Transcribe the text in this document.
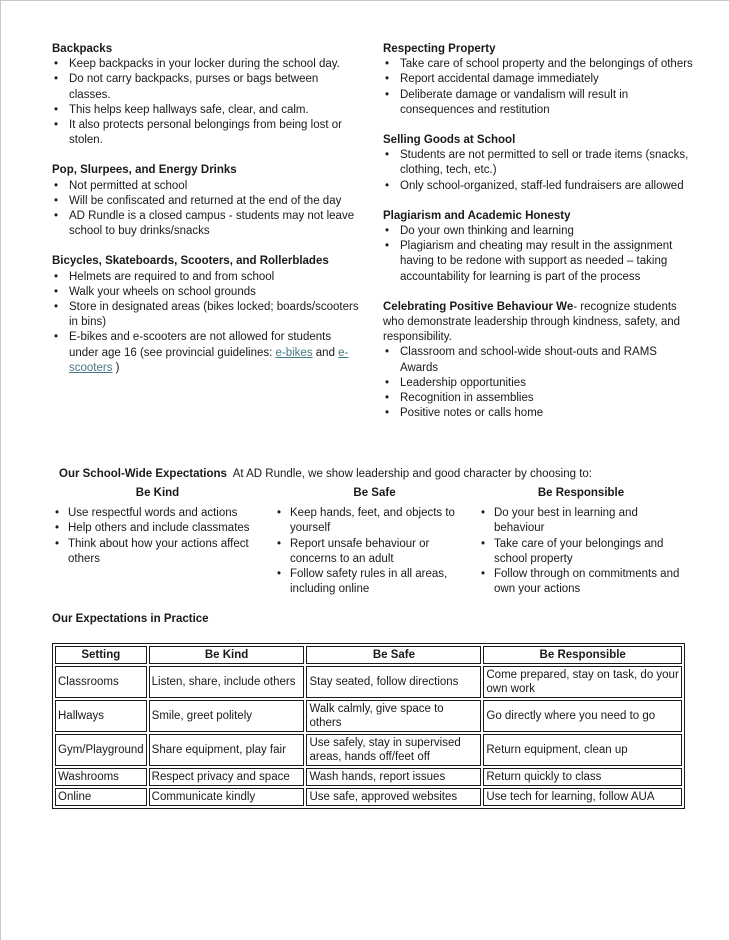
Backpacks
• Keep backpacks in your locker during the school day.
• Do not carry backpacks, purses or bags between classes.
• This helps keep hallways safe, clear, and calm.
• It also protects personal belongings from being lost or stolen.
Pop, Slurpees, and Energy Drinks
• Not permitted at school
• Will be confiscated and returned at the end of the day
• AD Rundle is a closed campus - students may not leave school to buy drinks/snacks
Bicycles, Skateboards, Scooters, and Rollerblades
• Helmets are required to and from school
• Walk your wheels on school grounds
• Store in designated areas (bikes locked; boards/scooters in bins)
• E-bikes and e-scooters are not allowed for students under age 16 (see provincial guidelines: e-bikes and e-scooters )
Respecting Property
• Take care of school property and the belongings of others
• Report accidental damage immediately
• Deliberate damage or vandalism will result in consequences and restitution
Selling Goods at School
• Students are not permitted to sell or trade items (snacks, clothing, tech, etc.)
• Only school-organized, staff-led fundraisers are allowed
Plagiarism and Academic Honesty
• Do your own thinking and learning
• Plagiarism and cheating may result in the assignment having to be redone with support as needed – taking accountability for learning is part of the process
Celebrating Positive Behaviour We- recognize students who demonstrate leadership through kindness, safety, and responsibility.
• Classroom and school-wide shout-outs and RAMS Awards
• Leadership opportunities
• Recognition in assemblies
• Positive notes or calls home
Our School-Wide Expectations  At AD Rundle, we show leadership and good character by choosing to:
Be Kind
• Use respectful words and actions
• Help others and include classmates
• Think about how your actions affect others
Be Safe
• Keep hands, feet, and objects to yourself
• Report unsafe behaviour or concerns to an adult
• Follow safety rules in all areas, including online
Be Responsible
• Do your best in learning and behaviour
• Take care of your belongings and school property
• Follow through on commitments and own your actions
Our Expectations in Practice
Setting	Be Kind	Be Safe	Be Responsible
Classrooms	Listen, share, include others	Stay seated, follow directions	Come prepared, stay on task, do your own work
Hallways	Smile, greet politely	Walk calmly, give space to others	Go directly where you need to go
Gym/Playground	Share equipment, play fair	Use safely, stay in supervised areas, hands off/feet off	Return equipment, clean up
Washrooms	Respect privacy and space	Wash hands, report issues	Return quickly to class
Online	Communicate kindly	Use safe, approved websites	Use tech for learning, follow AUA
